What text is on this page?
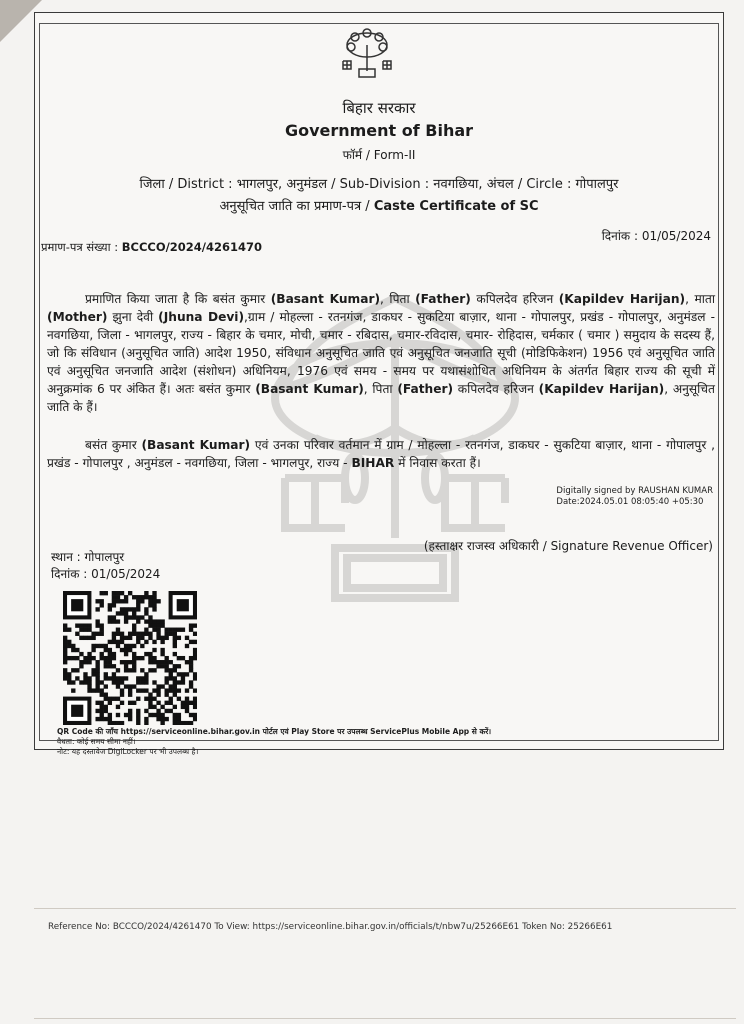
बिहार सरकार
Government of Bihar
फॉर्म / Form-II
जिला / District : भागलपुर, अनुमंडल / Sub-Division : नवगछिया, अंचल / Circle : गोपालपुर
अनुसूचित जाति का प्रमाण-पत्र / Caste Certificate of SC
दिनांक : 01/05/2024
प्रमाण-पत्र संख्या : BCCCO/2024/4261470
प्रमाणित किया जाता है कि बसंत कुमार (Basant Kumar), पिता (Father) कपिलदेव हरिजन (Kapildev Harijan), माता (Mother) झुना देवी (Jhuna Devi),ग्राम / मोहल्ला - रतनगंज, डाकघर - सुकटिया बाज़ार, थाना - गोपालपुर, प्रखंड - गोपालपुर, अनुमंडल - नवगछिया, जिला - भागलपुर, राज्य - बिहार के चमार, मोची, चमार - रबिदास, चमार-रविदास, चमार- रोहिदास, चर्मकार ( चमार ) समुदाय के सदस्य हैं, जो कि संविधान (अनुसूचित जाति) आदेश 1950, संविधान अनुसूचित जाति एवं अनुसूचित जनजाति सूची (मोडिफिकेशन) 1956 एवं अनुसूचित जाति एवं अनुसूचित जनजाति आदेश (संशोधन) अधिनियम, 1976 एवं समय - समय पर यथासंशोधित अधिनियम के अंतर्गत बिहार राज्य की सूची में अनुक्रमांक 6 पर अंकित हैं। अतः बसंत कुमार (Basant Kumar), पिता (Father) कपिलदेव हरिजन (Kapildev Harijan), अनुसूचित जाति के हैं।
बसंत कुमार (Basant Kumar) एवं उनका परिवार वर्तमान में ग्राम / मोहल्ला - रतनगंज, डाकघर - सुकटिया बाज़ार, थाना - गोपालपुर , प्रखंड - गोपालपुर , अनुमंडल - नवगछिया, जिला - भागलपुर, राज्य - BIHAR में निवास करता हैं।
Digitally signed by RAUSHAN KUMAR
Date:2024.05.01 08:05:40 +05:30
(हस्ताक्षर राजस्व अधिकारी / Signature Revenue Officer)
स्थान : गोपालपुर
दिनांक : 01/05/2024
QR Code की जाँच https://serviceonline.bihar.gov.in पोर्टल एवं Play Store पर उपलब्ध ServicePlus Mobile App से करें।
वैधता: कोई समय सीमा नहीं।
नोट: यह दस्तावेज DigiLocker पर भी उपलब्ध है।
Reference No: BCCCO/2024/4261470 To View: https://serviceonline.bihar.gov.in/officials/t/nbw7u/25266E61 Token No: 25266E61
